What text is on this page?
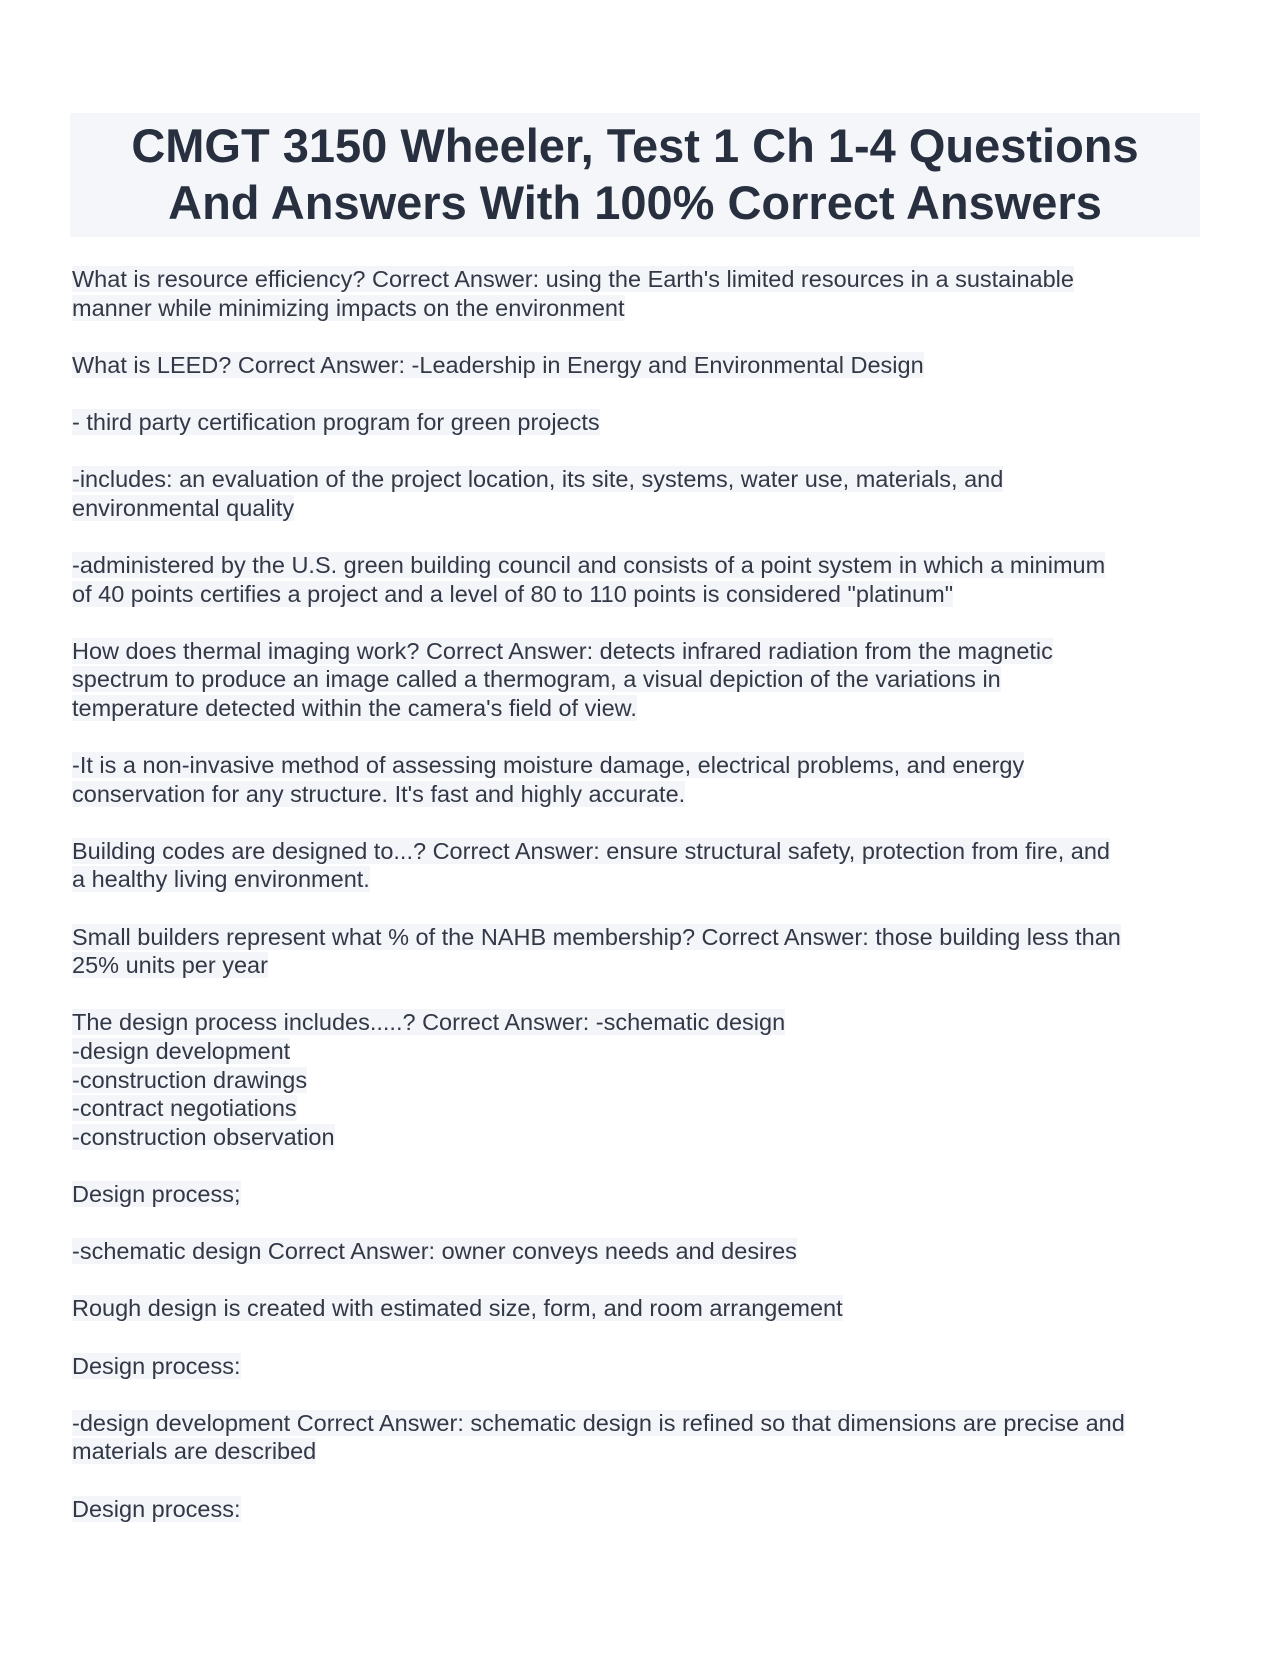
CMGT 3150 Wheeler, Test 1 Ch 1-4 Questions
And Answers With 100% Correct Answers
What is resource efficiency? Correct Answer: using the Earth's limited resources in a sustainable
manner while minimizing impacts on the environment
What is LEED? Correct Answer: -Leadership in Energy and Environmental Design
- third party certification program for green projects
-includes: an evaluation of the project location, its site, systems, water use, materials, and
environmental quality
-administered by the U.S. green building council and consists of a point system in which a minimum
of 40 points certifies a project and a level of 80 to 110 points is considered "platinum"
How does thermal imaging work? Correct Answer: detects infrared radiation from the magnetic
spectrum to produce an image called a thermogram, a visual depiction of the variations in
temperature detected within the camera's field of view.
-It is a non-invasive method of assessing moisture damage, electrical problems, and energy
conservation for any structure. It's fast and highly accurate.
Building codes are designed to...? Correct Answer: ensure structural safety, protection from fire, and
a healthy living environment.
Small builders represent what % of the NAHB membership? Correct Answer: those building less than
25% units per year
The design process includes.....? Correct Answer: -schematic design
-design development
-construction drawings
-contract negotiations
-construction observation
Design process;
-schematic design Correct Answer: owner conveys needs and desires
Rough design is created with estimated size, form, and room arrangement
Design process:
-design development Correct Answer: schematic design is refined so that dimensions are precise and
materials are described
Design process:
